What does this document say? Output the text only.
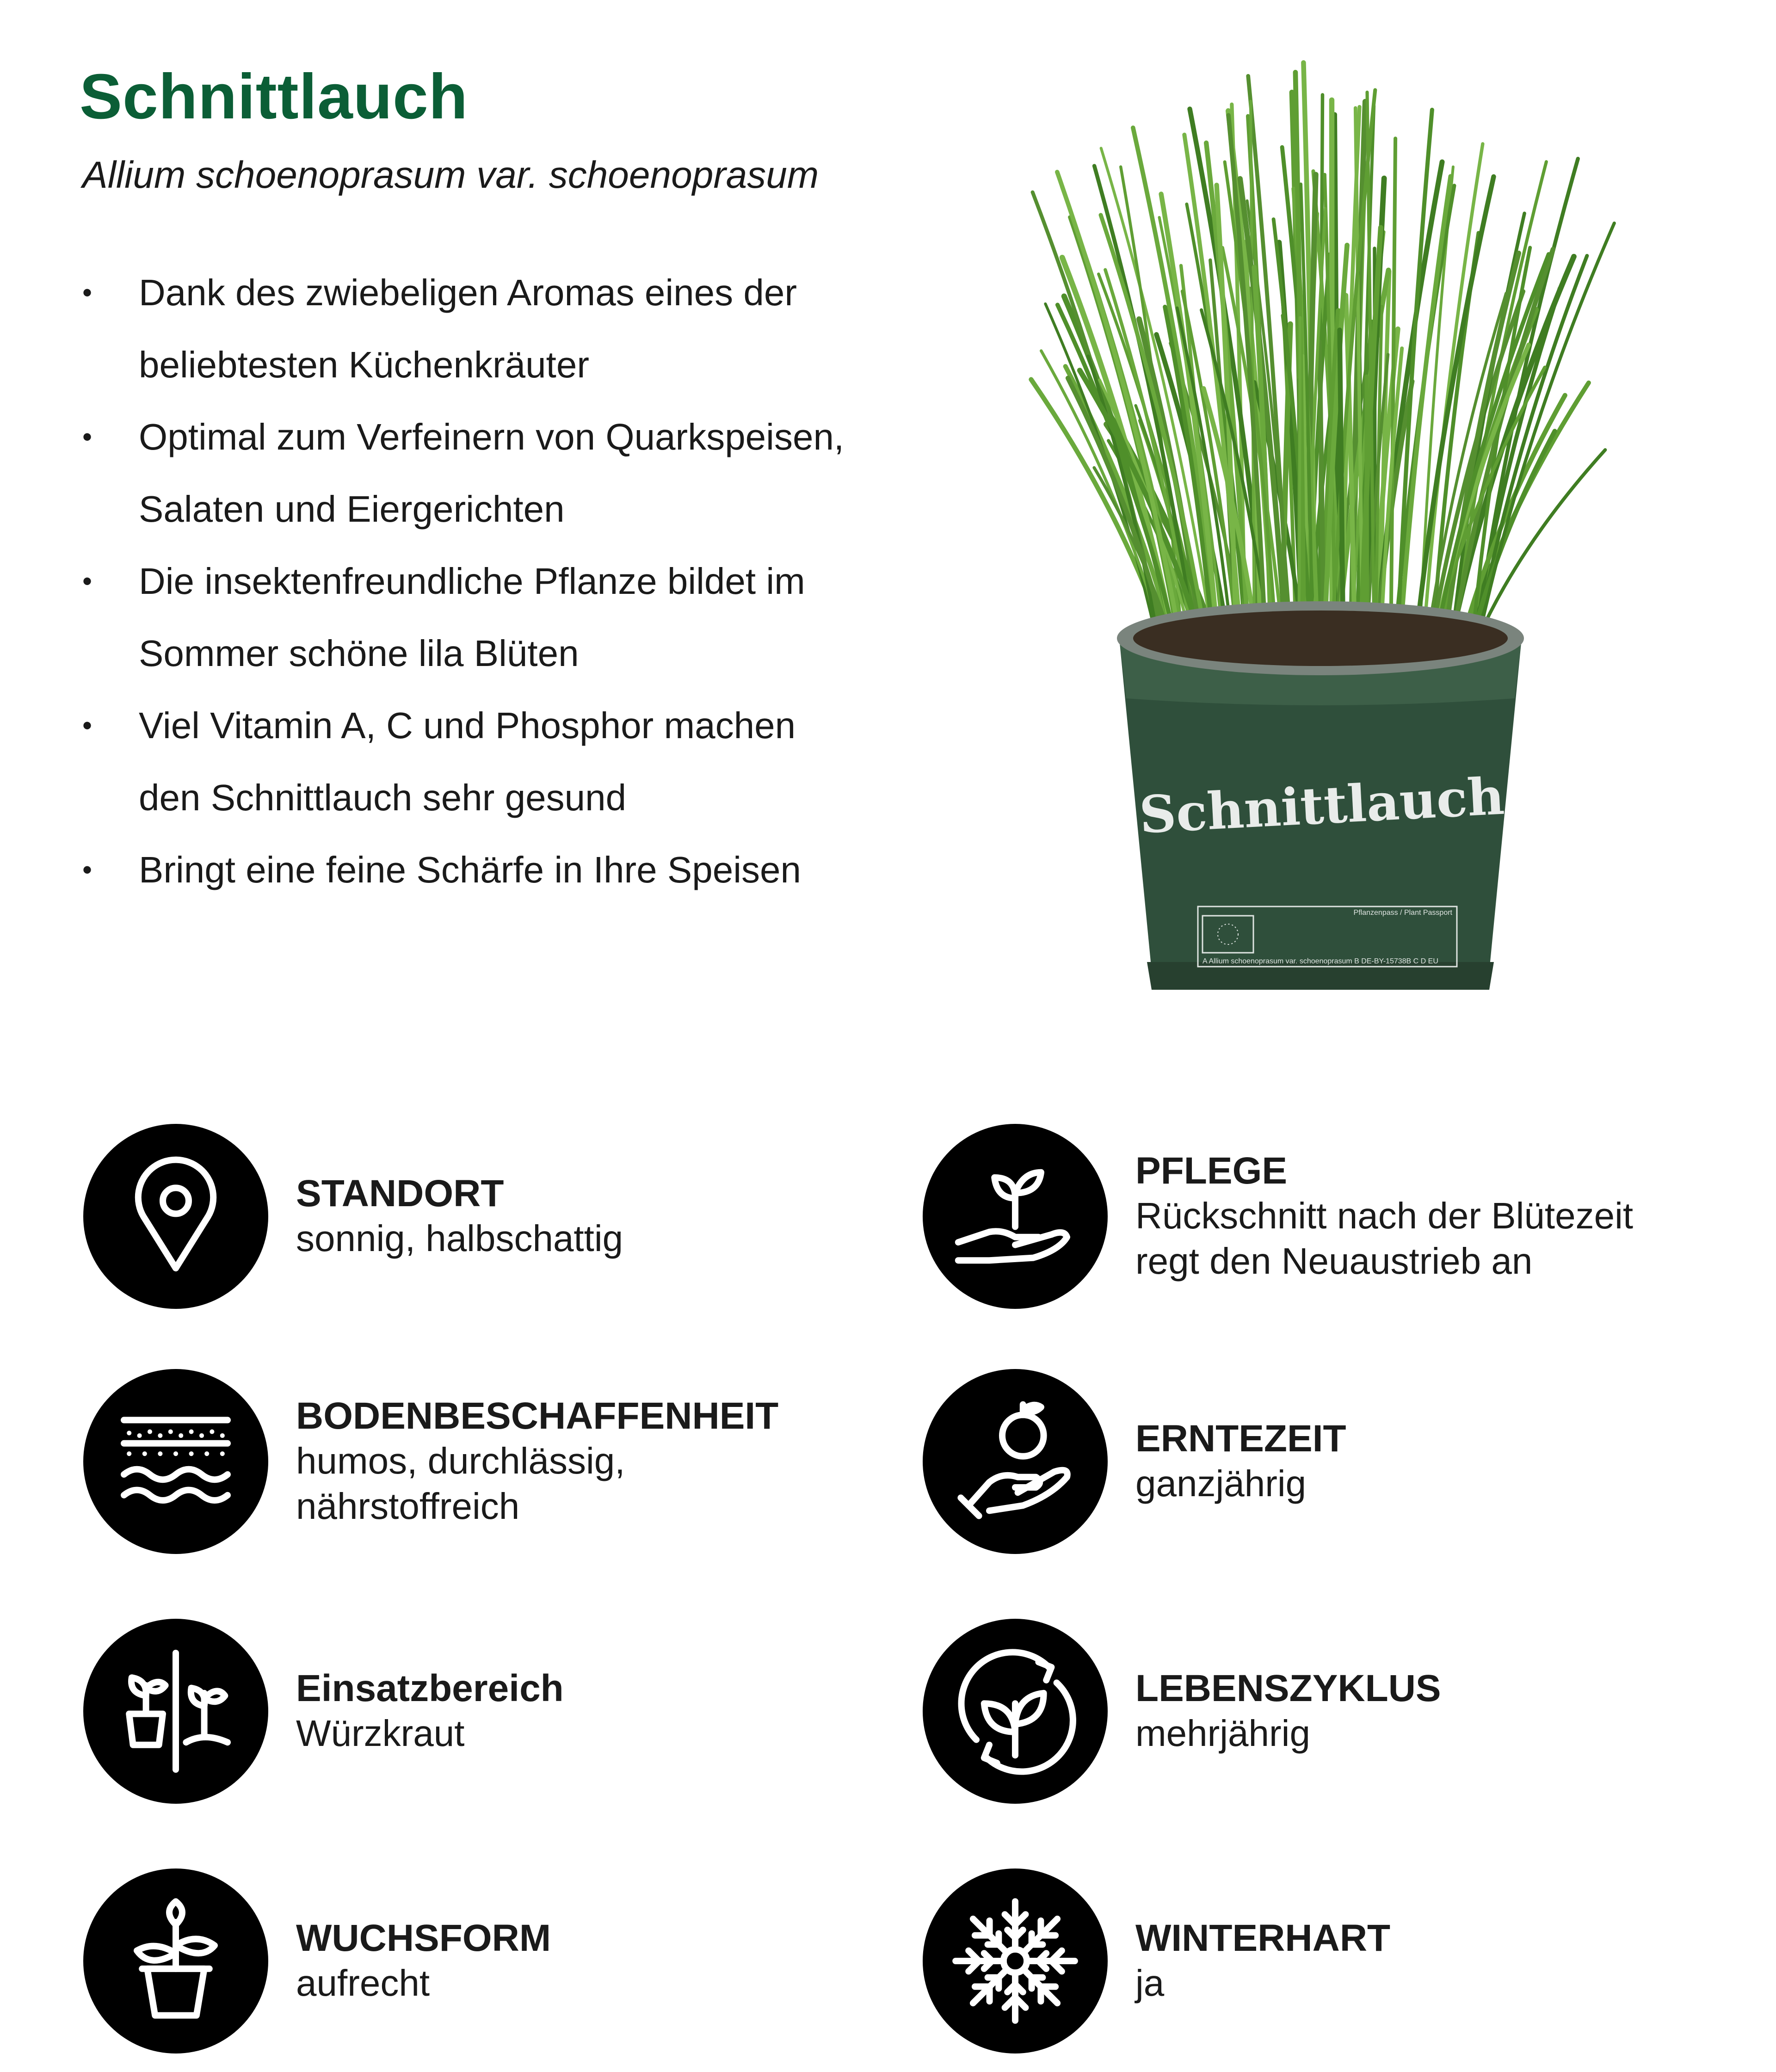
Schnittlauch

Allium schoenoprasum var. schoenoprasum

• Dank des zwiebeligen Aromas eines der beliebtesten Küchenkräuter
• Optimal zum Verfeinern von Quarkspeisen, Salaten und Eiergerichten
• Die insektenfreundliche Pflanze bildet im Sommer schöne lila Blüten
• Viel Vitamin A, C und Phosphor machen den Schnittlauch sehr gesund
• Bringt eine feine Schärfe in Ihre Speisen
Schnittlauch
Pflanzenpass / Plant Passport
A Allium schoenoprasum var. schoenoprasum B DE-BY-15738B C D EU
STANDORT
sonnig, halbschattig
BODENBESCHAFFENHEIT
humos, durchlässig,
nährstoffreich
Einsatzbereich
Würzkraut
WUCHSFORM
aufrecht
PFLEGE
Rückschnitt nach der Blütezeit
regt den Neuaustrieb an
ERNTEZEIT
ganzjährig
LEBENSZYKLUS
mehrjährig
WINTERHART
ja
